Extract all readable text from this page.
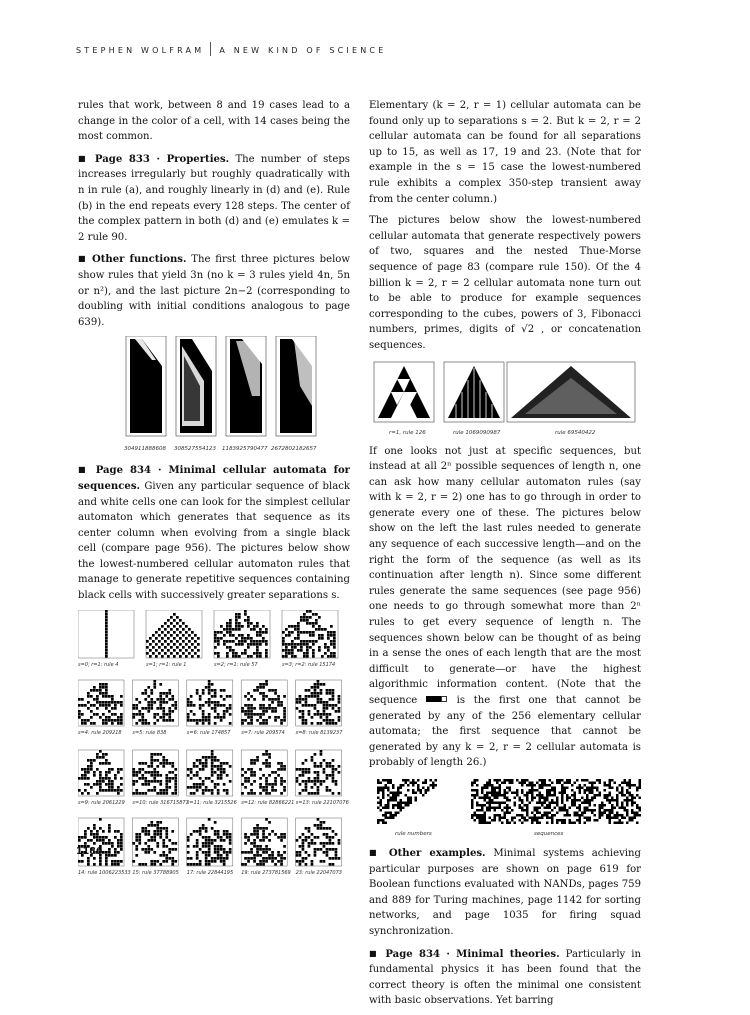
STEPHEN WOLFRAM A NEW KIND OF SCIENCE

rules that work, between 8 and 19 cases lead to a change in the color of a cell, with 14 cases being the most common.

■ Page 833 · Properties. The number of steps increases irregularly but roughly quadratically with n in rule (a), and roughly linearly in (d) and (e). Rule (b) in the end repeats every 128 steps. The center of the complex pattern in both (d) and (e) emulates k = 2 rule 90.

■ Other functions. The first three pictures below show rules that yield 3n (no k = 3 rules yield 4n, 5n or n²), and the last picture 2n−2 (corresponding to doubling with initial conditions analogous to page 639).

304911888608 308527554123 1183925790477 2672802182657

■ Page 834 · Minimal cellular automata for sequences. Given any particular sequence of black and white cells one can look for the simplest cellular automaton which generates that sequence as its center column when evolving from a single black cell (compare page 956). The pictures below show the lowest-numbered cellular automaton rules that manage to generate repetitive sequences containing black cells with successively greater separations s.

s=0; r=1: rule 4	s=1; r=1: rule 1	s=2; r=1: rule 57	s=3; r=2: rule 15174
s=4: rule 209218 s=5: rule 838	s=6: rule 174857 s=7: rule 209574 s=8: rule 8139237
s=9: rule 2061229 s=10: rule 316715877
s=11: rule 3215526 s=12: rule 82866221 s=13: rule 22107076
14: rule 1006223533 15: rule 37788905 17: rule 22844195 19: rule 273781569 23: rule 22047073

Elementary (k = 2, r = 1) cellular automata can be found only up to separations s = 2. But k = 2, r = 2 cellular automata can be found for all separations up to 15, as well as 17, 19 and 23. (Note that for example in the s = 15 case the lowest-numbered rule exhibits a complex 350-step transient away from the center column.)

The pictures below show the lowest-numbered cellular automata that generate respectively powers of two, squares and the nested Thue-Morse sequence of page 83 (compare rule 150). Of the 4 billion k = 2, r = 2 cellular automata none turn out to be able to produce for example sequences corresponding to the cubes, powers of 3, Fibonacci numbers, primes, digits of √2 , or concatenation sequences.

r=1, rule 126	rule 1069090987	rule 69540422

If one looks not just at specific sequences, but instead at all 2ⁿ possible sequences of length n, one can ask how many cellular automaton rules (say with k = 2, r = 2) one has to go through in order to generate every one of these. The pictures below show on the left the last rules needed to generate any sequence of each successive length—and on the right the form of the sequence (as well as its continuation after length n). Since some different rules generate the same sequences (see page 956) one needs to go through somewhat more than 2ⁿ rules to get every sequence of length n. The sequences shown below can be thought of as being in a sense the ones of each length that are the most difficult to generate—or have the highest algorithmic information content. (Note that the sequence	is the first one that cannot be generated by any of the 256 elementary cellular automata; the first sequence that cannot be generated by any k = 2, r = 2 cellular automata is probably of length 26.)

rule numbers	sequences

■ Other examples. Minimal systems achieving particular purposes are shown on page 619 for Boolean functions evaluated with NANDs, pages 759 and 889 for Turing machines, page 1142 for sorting networks, and page 1035 for firing squad synchronization.

■ Page 834 · Minimal theories. Particularly in fundamental physics it has been found that the correct theory is often the minimal one consistent with basic observations. Yet barring

1186
